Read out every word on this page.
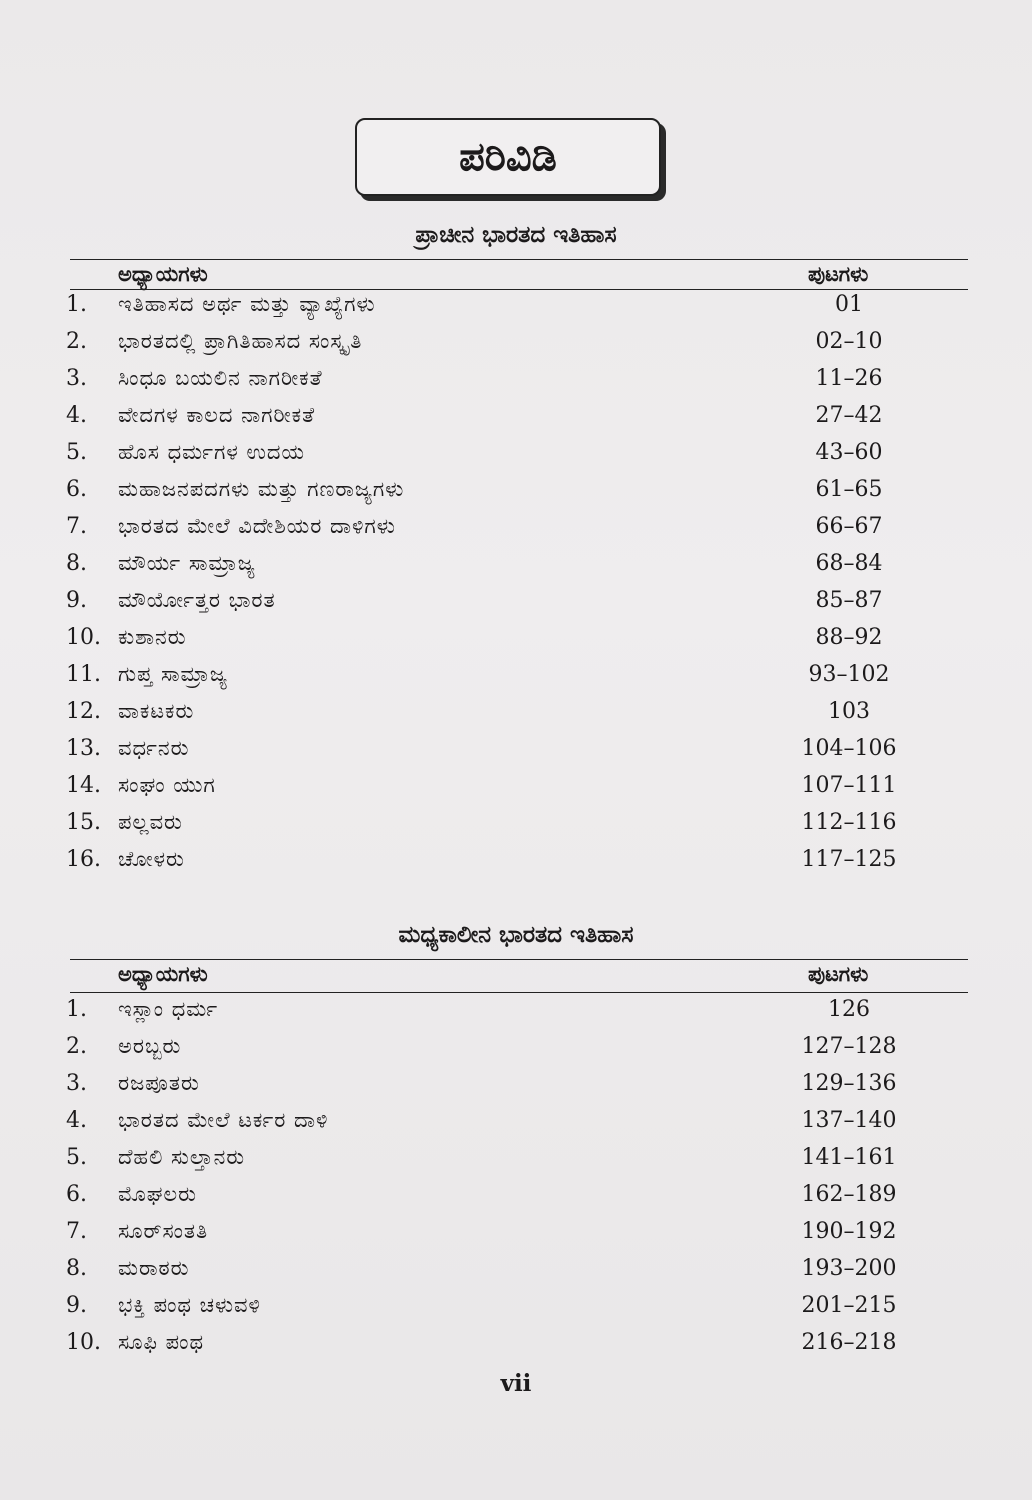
ಪರಿವಿಡಿ
ಪ್ರಾಚೀನ ಭಾರತದ ಇತಿಹಾಸ
ಅಧ್ಯಾಯಗಳು	ಪುಟಗಳು
1. ಇತಿಹಾಸದ ಅರ್ಥ ಮತ್ತು ವ್ಯಾಖ್ಯೆಗಳು	01
2. ಭಾರತದಲ್ಲಿ ಪ್ರಾಗಿತಿಹಾಸದ ಸಂಸ್ಕೃತಿ	02–10
3. ಸಿಂಧೂ ಬಯಲಿನ ನಾಗರೀಕತೆ	11–26
4. ವೇದಗಳ ಕಾಲದ ನಾಗರೀಕತೆ	27–42
5. ಹೊಸ ಧರ್ಮಗಳ ಉದಯ	43–60
6. ಮಹಾಜನಪದಗಳು ಮತ್ತು ಗಣರಾಜ್ಯಗಳು	61–65
7. ಭಾರತದ ಮೇಲೆ ವಿದೇಶಿಯರ ದಾಳಿಗಳು	66–67
8. ಮೌರ್ಯ ಸಾಮ್ರಾಜ್ಯ	68–84
9. ಮೌರ್ಯೋತ್ತರ ಭಾರತ	85–87
10. ಕುಶಾನರು	88–92
11. ಗುಪ್ತ ಸಾಮ್ರಾಜ್ಯ	93–102
12. ವಾಕಟಕರು	103
13. ವರ್ಧನರು	104–106
14. ಸಂಘಂ ಯುಗ	107–111
15. ಪಲ್ಲವರು	112–116
16. ಚೋಳರು	117–125
ಮಧ್ಯಕಾಲೀನ ಭಾರತದ ಇತಿಹಾಸ
ಅಧ್ಯಾಯಗಳು	ಪುಟಗಳು
1. ಇಸ್ಲಾಂ ಧರ್ಮ	126
2. ಅರಬ್ಬರು	127–128
3. ರಜಪೂತರು	129–136
4. ಭಾರತದ ಮೇಲೆ ಟರ್ಕರ ದಾಳಿ	137–140
5. ದೆಹಲಿ ಸುಲ್ತಾನರು	141–161
6. ಮೊಘಲರು	162–189
7. ಸೂರ್‌ಸಂತತಿ	190–192
8. ಮರಾಠರು	193–200
9. ಭಕ್ತಿ ಪಂಥ ಚಳುವಳಿ	201–215
10. ಸೂಫಿ ಪಂಥ	216–218
vii
